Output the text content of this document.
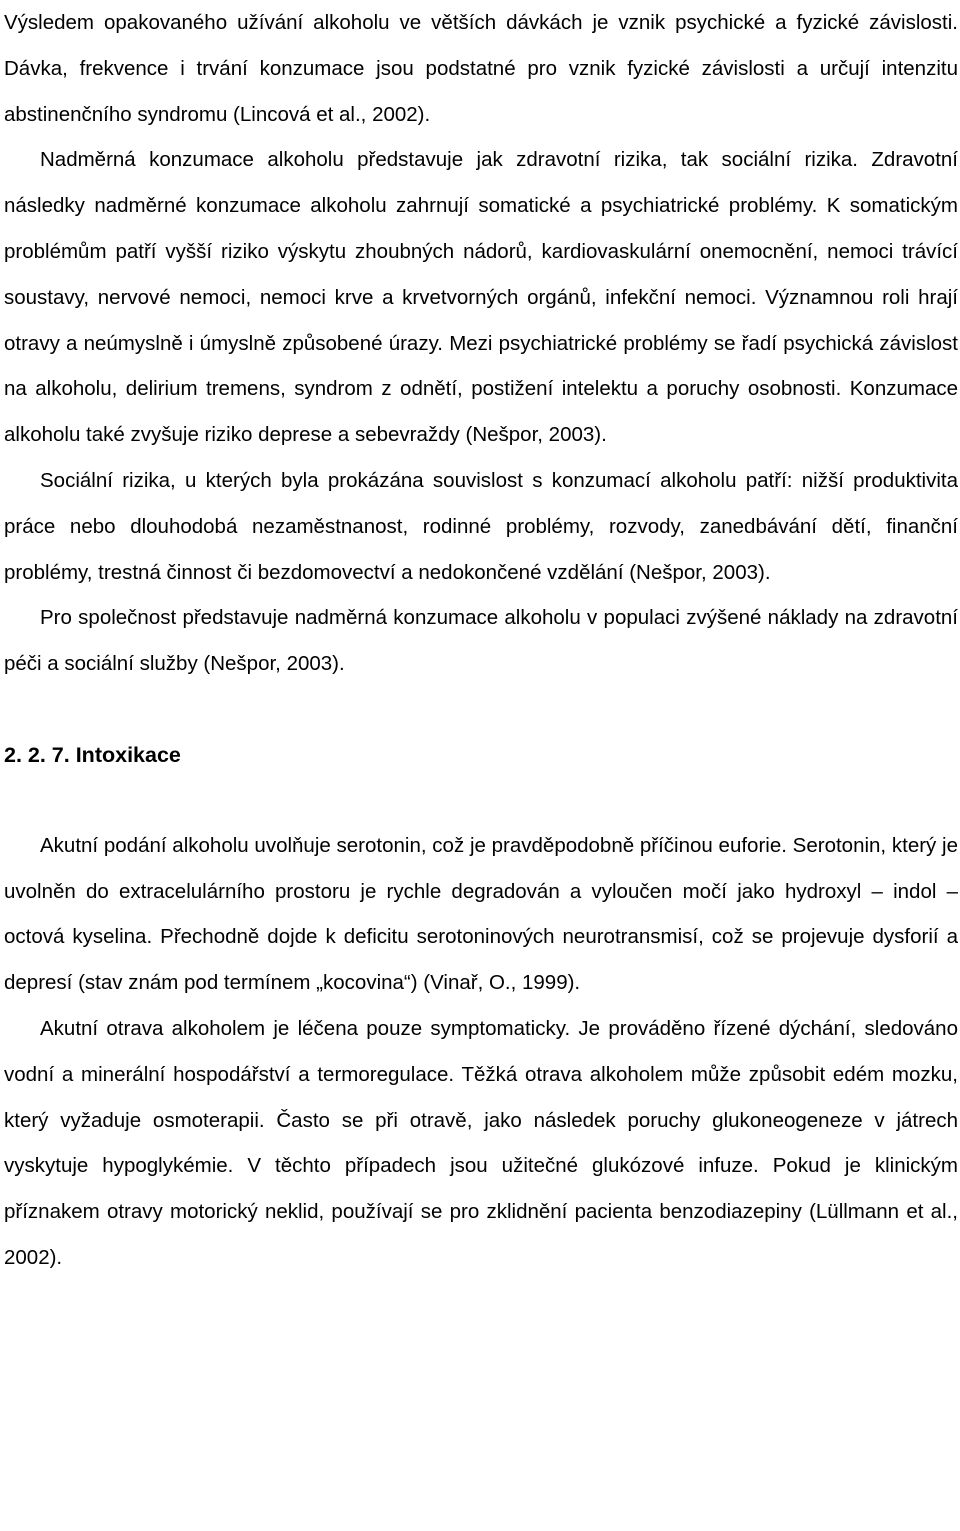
Výsledem opakovaného užívání alkoholu ve větších dávkách je vznik psychické a fyzické závislosti. Dávka, frekvence i trvání konzumace jsou podstatné pro vznik fyzické závislosti a určují intenzitu abstinenčního syndromu (Lincová et al., 2002).

Nadměrná konzumace alkoholu představuje jak zdravotní rizika, tak sociální rizika. Zdravotní následky nadměrné konzumace alkoholu zahrnují somatické a psychiatrické problémy. K somatickým problémům patří vyšší riziko výskytu zhoubných nádorů, kardiovaskulární onemocnění, nemoci trávící soustavy, nervové nemoci, nemoci krve a krvetvorných orgánů, infekční nemoci. Významnou roli hrají otravy a neúmyslně i úmyslně způsobené úrazy. Mezi psychiatrické problémy se řadí psychická závislost na alkoholu, delirium tremens, syndrom z odnětí, postižení intelektu a poruchy osobnosti. Konzumace alkoholu také zvyšuje riziko deprese a sebevraždy (Nešpor, 2003).

Sociální rizika, u kterých byla prokázána souvislost s konzumací alkoholu patří: nižší produktivita práce nebo dlouhodobá nezaměstnanost, rodinné problémy, rozvody, zanedbávání dětí, finanční problémy, trestná činnost či bezdomovectví a nedokončené vzdělání (Nešpor, 2003).

Pro společnost představuje nadměrná konzumace alkoholu v populaci zvýšené náklady na zdravotní péči a sociální služby (Nešpor, 2003).

2. 2. 7. Intoxikace

Akutní podání alkoholu uvolňuje serotonin, což je pravděpodobně příčinou euforie. Serotonin, který je uvolněn do extracelulárního prostoru je rychle degradován a vyloučen močí jako hydroxyl – indol – octová kyselina. Přechodně dojde k deficitu serotoninových neurotransmisí, což se projevuje dysforií a depresí (stav znám pod termínem „kocovina“) (Vinař, O., 1999).

Akutní otrava alkoholem je léčena pouze symptomaticky. Je prováděno řízené dýchání, sledováno vodní a minerální hospodářství a termoregulace. Těžká otrava alkoholem může způsobit edém mozku, který vyžaduje osmoterapii. Často se při otravě, jako následek poruchy glukoneogeneze v játrech vyskytuje hypoglykémie. V těchto případech jsou užitečné glukózové infuze. Pokud je klinickým příznakem otravy motorický neklid, používají se pro zklidnění pacienta benzodiazepiny (Lüllmann et al., 2002).
